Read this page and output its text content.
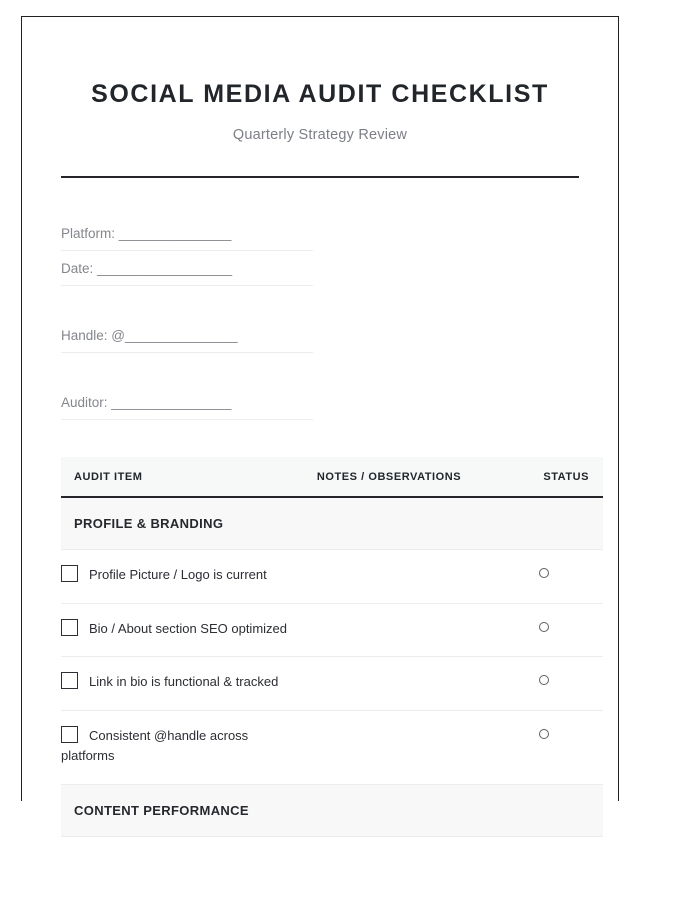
SOCIAL MEDIA AUDIT CHECKLIST

Quarterly Strategy Review

Platform: _______________
Date: __________________
Handle: @_______________
Auditor: ________________
AUDIT ITEM	NOTES / OBSERVATIONS	STATUS
PROFILE & BRANDING		
Profile Picture / Logo is current		
Bio / About section SEO optimized		
Link in bio is functional & tracked		
Consistent @handle across platforms		
CONTENT PERFORMANCE		
